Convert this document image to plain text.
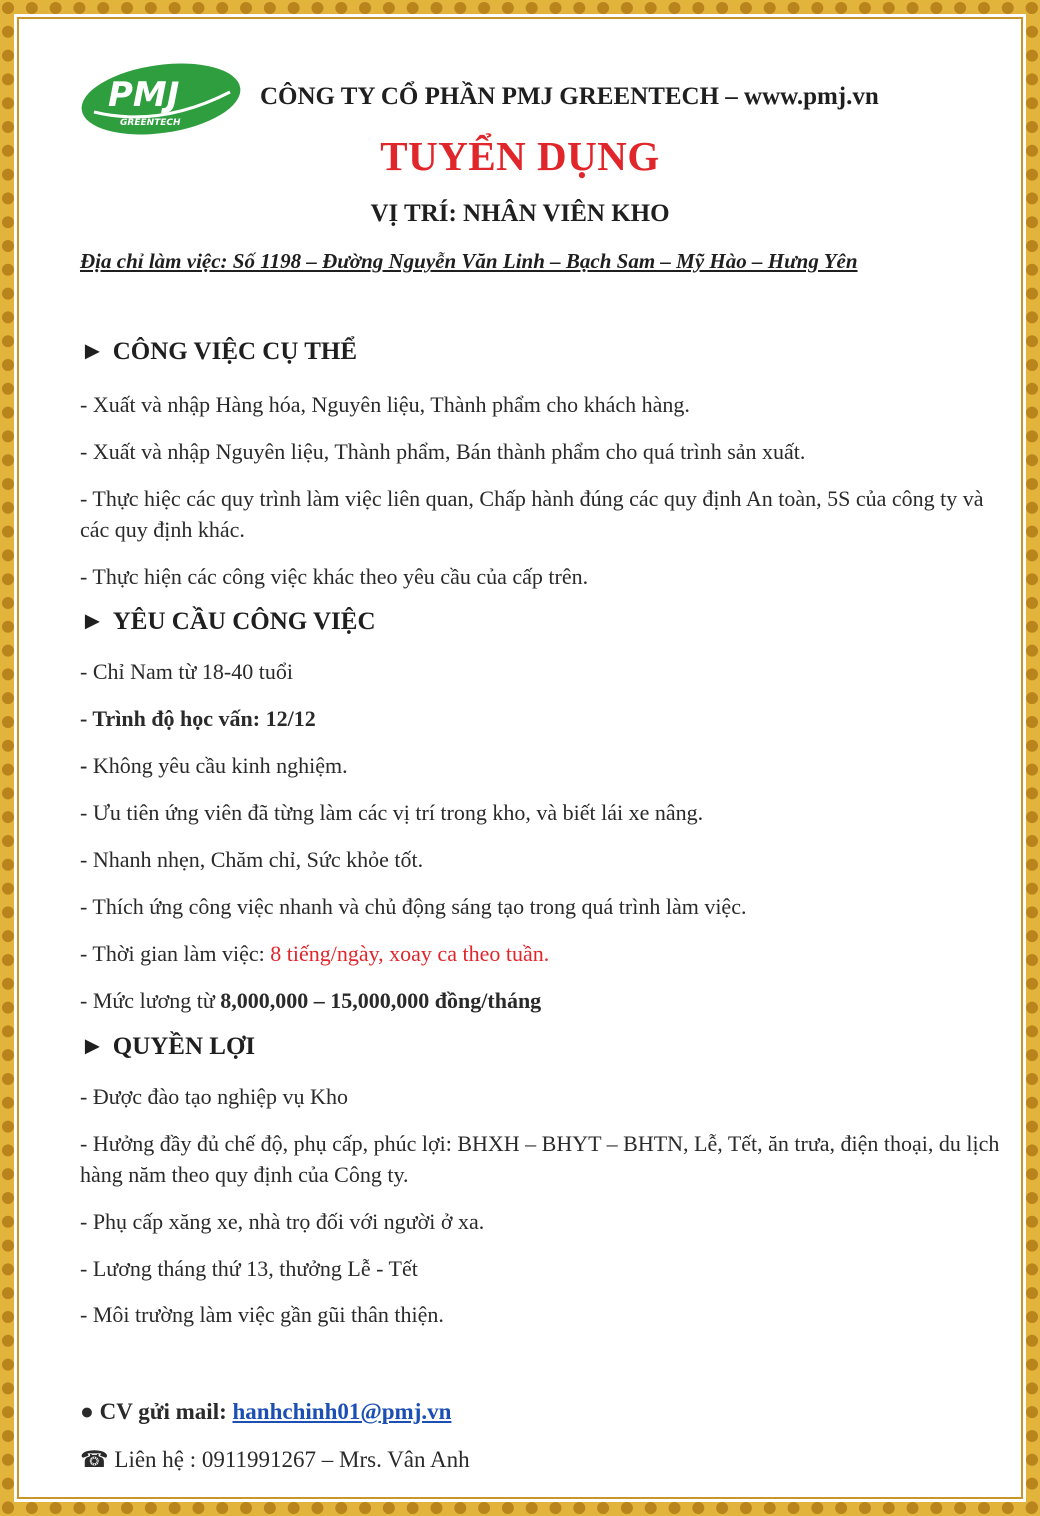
PMJ
GREENTECH
CÔNG TY CỔ PHẦN PMJ GREENTECH – www.pmj.vn
TUYỂN DỤNG
VỊ TRÍ: NHÂN VIÊN KHO
Địa chỉ làm việc: Số 1198 – Đường Nguyễn Văn Linh – Bạch Sam – Mỹ Hào – Hưng Yên
► CÔNG VIỆC CỤ THỂ
- Xuất và nhập Hàng hóa, Nguyên liệu, Thành phẩm cho khách hàng.
- Xuất và nhập Nguyên liệu, Thành phẩm, Bán thành phẩm cho quá trình sản xuất.
- Thực hiệc các quy trình làm việc liên quan, Chấp hành đúng các quy định An toàn, 5S của công ty và các quy định khác.
- Thực hiện các công việc khác theo yêu cầu của cấp trên.
► YÊU CẦU CÔNG VIỆC
- Chỉ Nam từ 18-40 tuổi
- Trình độ học vấn: 12/12
- Không yêu cầu kinh nghiệm.
- Ưu tiên ứng viên đã từng làm các vị trí trong kho, và biết lái xe nâng.
- Nhanh nhẹn, Chăm chỉ, Sức khỏe tốt.
- Thích ứng công việc nhanh và chủ động sáng tạo trong quá trình làm việc.
- Thời gian làm việc: 8 tiếng/ngày, xoay ca theo tuần.
- Mức lương từ 8,000,000 – 15,000,000 đồng/tháng
► QUYỀN LỢI
- Được đào tạo nghiệp vụ Kho
- Hưởng đầy đủ chế độ, phụ cấp, phúc lợi: BHXH – BHYT – BHTN, Lễ, Tết, ăn trưa, điện thoại, du lịch hàng năm theo quy định của Công ty.
- Phụ cấp xăng xe, nhà trọ đối với người ở xa.
- Lương tháng thứ 13, thưởng Lễ - Tết
- Môi trường làm việc gần gũi thân thiện.
● CV gửi mail: hanhchinh01@pmj.vn
☎ Liên hệ : 0911991267 – Mrs. Vân Anh
